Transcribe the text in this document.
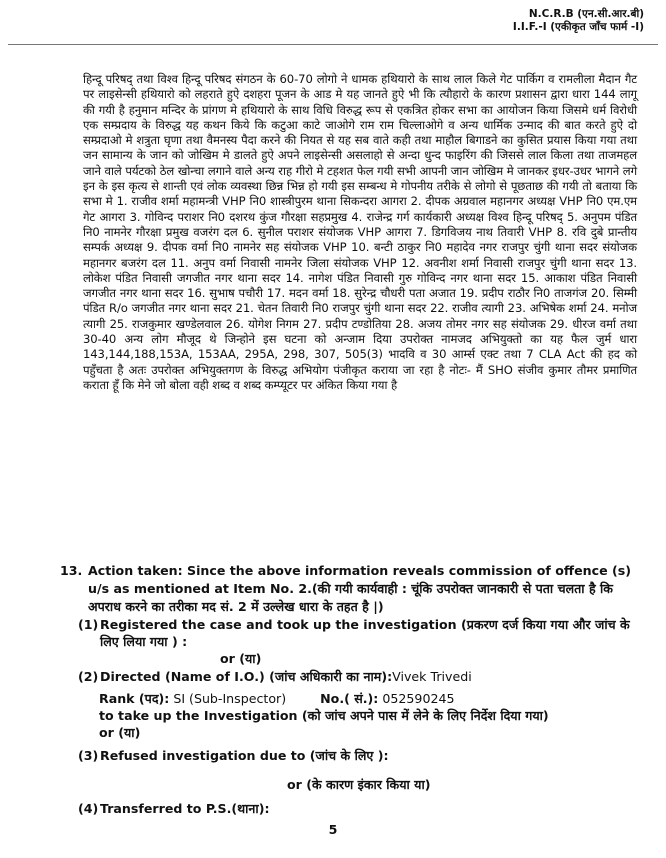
N.C.R.B (एन.सी.आर.बी)
I.I.F.-I (एकीकृत जाँच फार्म -I)

हिन्दू परिषद् तथा विश्व हिन्दू परिषद संगठन के 60-70 लोगो ने धामक हथियारो के साथ लाल किले गेट पार्किग व रामलीला मैदान गैट पर लाइसेन्सी हथियारो को लहराते हुऐ दशहरा पूजन के आड मे यह जानते हुऐ भी कि त्यौहारो के कारण प्रशासन द्वारा धारा 144 लागू की गयी है हनुमान मन्दिर के प्रांगण मे हथियारो के साथ विधि विरुद्ध रूप से एकत्रित होकर सभा का आयोजन किया जिसमे धर्म विरोधी एक सम्प्रदाय के विरुद्ध यह कथन किये कि कटुआ काटे जाओगे राम राम चिल्लाओगे व अन्य धार्मिक उन्माद की बात करते हुऐ दो सम्प्रदाओ मे शत्रुता घृणा तथा वैमनस्य पैदा करने की नियत से यह सब वाते कही तथा माहौल बिगाडने का कुसित प्रयास किया गया तथा जन सामान्य के जान को जोखिम मे डालते हुऐ अपने लाइसेन्सी असलाहो से अन्दा धुन्द फाइरिंग की जिससे लाल किला तथा ताजमहल जाने वाले पर्यटको ठेल खोन्चा लगाने वाले अन्य राह गीरो मे टहशत फेल गयी सभी आपनी जान जोखिम मे जानकर इधर-उधर भागने लगे इन के इस कृत्य से शान्ती एवं लोक व्यवस्था छिन्न भिन्न हो गयी इस सम्बन्ध मे गोपनीय तरीके से लोगो से पूछताछ की गयी तो बताया कि सभा मे 1. राजीव शर्मा महामन्त्री VHP नि0 शास्त्रीपुरम थाना सिकन्दरा आगरा 2. दीपक अग्रवाल महानगर अध्यक्ष VHP नि0 एम.एम गेट आगरा 3. गोविन्द पराशर नि0 दशरथ कुंज गौरक्षा सहप्रमुख 4. राजेन्द्र गर्ग कार्यकारी अध्यक्ष विश्व हिन्दू परिषद् 5. अनुपम पंडित नि0 नामनेर गौरक्षा प्रमुख वजरंग दल 6. सुनील पराशर संयोजक VHP आगरा 7. डिगविजय नाथ तिवारी VHP 8. रवि दुबे प्रान्तीय सम्पर्क अध्यक्ष 9. दीपक वर्मा नि0 नामनेर सह संयोजक VHP 10. बन्टी ठाकुर नि0 महादेव नगर राजपुर चुंगी थाना सदर संयोजक महानगर बजरंग दल 11. अनुप वर्मा निवासी नामनेर जिला संयोजक VHP 12. अवनीश शर्मा निवासी राजपुर चुंगी थाना सदर 13. लोकेश पंडित निवासी जगजीत नगर थाना सदर 14. नागेश पंडित निवासी गुरु गोविन्द नगर थाना सदर 15. आकाश पंडित निवासी जगजीत नगर थाना सदर 16. सुभाष पचौरी 17. मदन वर्मा 18. सुरेन्द्र चौधरी पता अजात 19. प्रदीप राठौर नि0 ताजगंज 20. सिम्मी पंडित R/o जगजीत नगर थाना सदर 21. चेतन तिवारी नि0 राजपुर चुंगी थाना सदर 22. राजीव त्यागी 23. अभिषेक शर्मा 24. मनोज त्यागी 25. राजकुमार खण्डेलवाल 26. योगेश निगम 27. प्रदीप टण्डोतिया 28. अजय तोमर नगर सह संयोजक 29. धीरज वर्मा तथा 30-40 अन्य लोग मौजूद थे जिन्होने इस घटना को अन्जाम दिया उपरोक्त नामजद अभियुक्तो का यह फैल जुर्म धारा 143,144,188,153A, 153AA, 295A, 298, 307, 505(3) भादवि व 30 आर्म्स एक्ट तथा 7 CLA Act की हद को पहुँचता है अतः उपरोक्त अभियुक्तगण के विरुद्ध अभियोग पंजीकृत कराया जा रहा है नोटः- मैं SHO संजीव कुमार तौमर प्रमाणित कराता हूँ कि मेने जो बोला वही शब्द व शब्द कम्प्यूटर पर अंकित किया गया है

13. Action taken: Since the above information reveals commission of offence (s) u/s as mentioned at Item No. 2.(की गयी कार्यवाही : चूंकि उपरोक्त जानकारी से पता चलता है कि अपराध करने का तरीका मद सं. 2 में उल्लेख धारा के तहत है |)
(1) Registered the case and took up the investigation (प्रकरण दर्ज किया गया और जांच के लिए लिया गया ) :
or (या)
(2) Directed (Name of I.O.) (जांच अधिकारी का नाम):Vivek Trivedi
Rank (पद): SI (Sub-Inspector)	No.( सं.): 052590245
to take up the Investigation (को जांच अपने पास में लेने के लिए निर्देश दिया गया)
or (या)
(3) Refused investigation due to (जांच के लिए ):
or (के कारण इंकार किया या)
(4) Transferred to P.S.(थाना):
5
